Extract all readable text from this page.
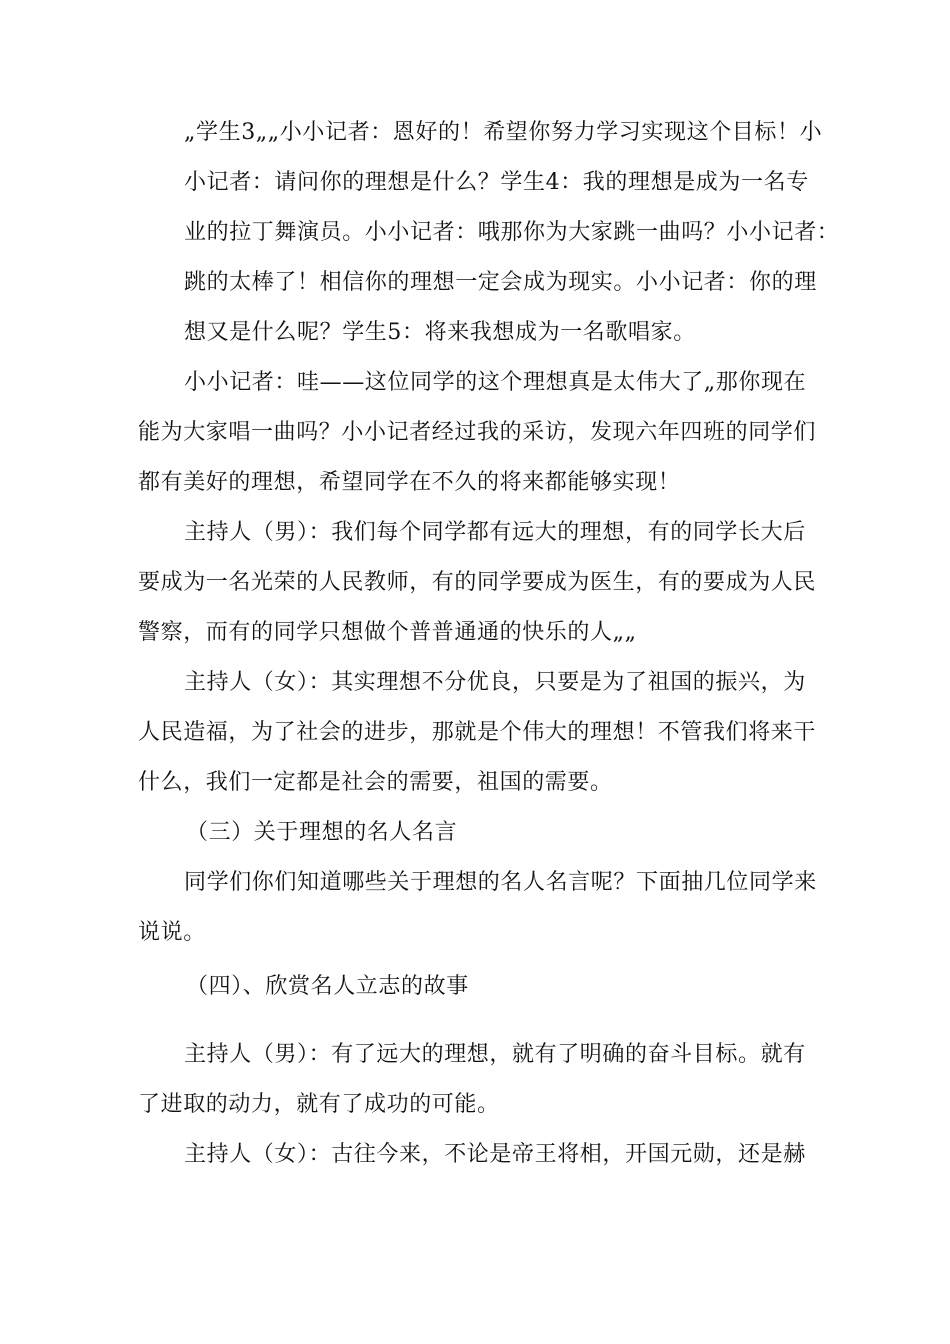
„学生3„„小小记者：恩好的！希望你努力学习实现这个目标！小
小记者：请问你的理想是什么？学生4：我的理想是成为一名专
业的拉丁舞演员。小小记者：哦那你为大家跳一曲吗？小小记者：
跳的太棒了！相信你的理想一定会成为现实。小小记者：你的理
想又是什么呢？学生5：将来我想成为一名歌唱家。
小小记者：哇——这位同学的这个理想真是太伟大了„那你现在
能为大家唱一曲吗？小小记者经过我的采访，发现六年四班的同学们
都有美好的理想，希望同学在不久的将来都能够实现！
主持人（男）：我们每个同学都有远大的理想，有的同学长大后
要成为一名光荣的人民教师，有的同学要成为医生，有的要成为人民
警察，而有的同学只想做个普普通通的快乐的人„„
主持人（女）：其实理想不分优良，只要是为了祖国的振兴，为
人民造福，为了社会的进步，那就是个伟大的理想！不管我们将来干
什么，我们一定都是社会的需要，祖国的需要。
（三）关于理想的名人名言
同学们你们知道哪些关于理想的名人名言呢？下面抽几位同学来
说说。
（四）、欣赏名人立志的故事
主持人（男）：有了远大的理想，就有了明确的奋斗目标。就有
了进取的动力，就有了成功的可能。
主持人（女）：古往今来，不论是帝王将相，开国元勋，还是赫
